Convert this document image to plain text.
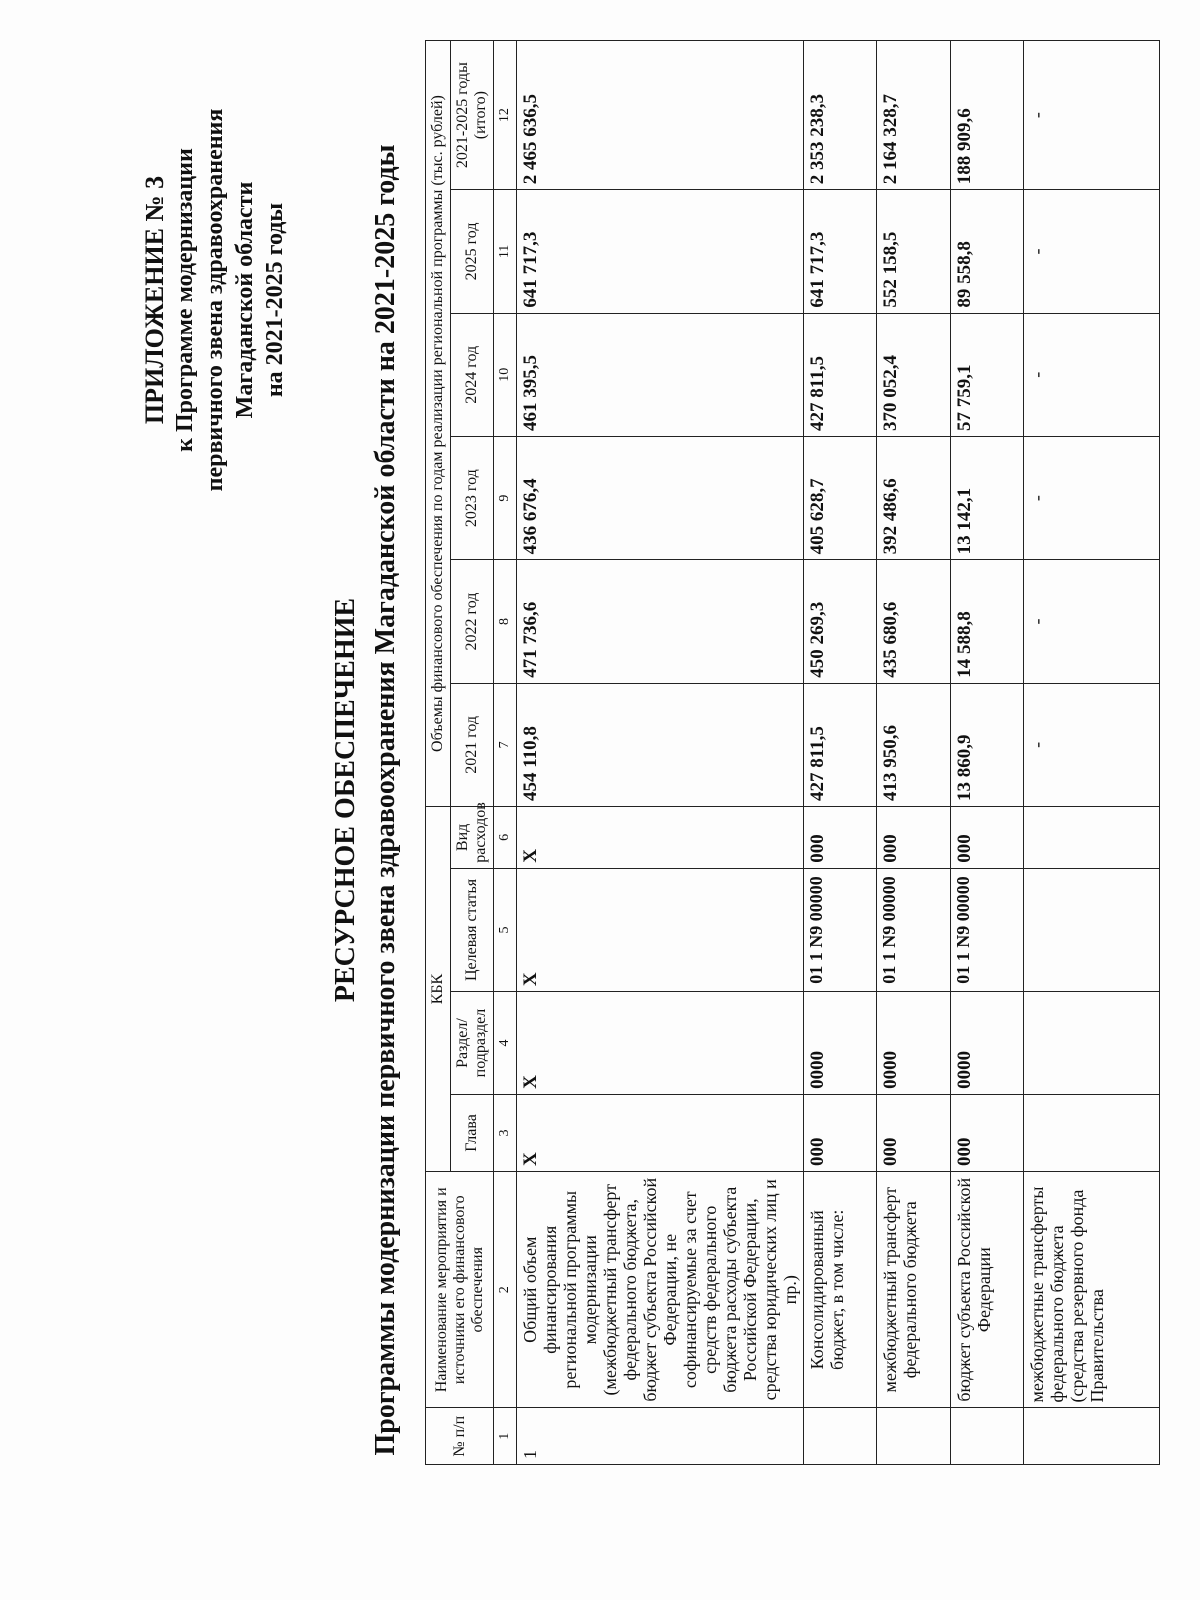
ПРИЛОЖЕНИЕ № 3 к Программе модернизации первичного звена здравоохранения Магаданской области на 2021-2025 годы

РЕСУРСНОЕ ОБЕСПЕЧЕНИЕ Программы модернизации первичного звена здравоохранения Магаданской области на 2021-2025 годы	№ п/п	Наименование мероприятия и источники его финансового обеспечения	КБК				Объемы финансового обеспечения по годам реализации региональной программы (тыс. рублей)					
		Глава	Раздел/ подраздел	Целевая статья	Вид расходов	2021 год	2022 год	2023 год	2024 год	2025 год	2021-2025 годы (итого)
1	2	3	4	5	6	7	8	9	10	11	12
1	Общий объем финансирования региональной программы модернизации (межбюджетный трансферт федерального бюджета, бюджет субъекта Российской Федерации, не софинансируемые за счет средств федерального бюджета расходы субъекта Российской Федерации, средства юридических лиц и пр.)	X	X	X	X	454 110,8	471 736,6	436 676,4	461 395,5	641 717,3	2 465 636,5
	Консолидированный бюджет, в том числе:	000	0000	01 1 N9 00000	000	427 811,5	450 269,3	405 628,7	427 811,5	641 717,3	2 353 238,3
	межбюджетный трансферт федерального бюджета	000	0000	01 1 N9 00000	000	413 950,6	435 680,6	392 486,6	370 052,4	552 158,5	2 164 328,7
	бюджет субъекта Российской Федерации	000	0000	01 1 N9 00000	000	13 860,9	14 588,8	13 142,1	57 759,1	89 558,8	188 909,6
	межбюджетные трансферты федерального бюджета (средства резервного фонда Правительства					-	-	-	-	-	-
